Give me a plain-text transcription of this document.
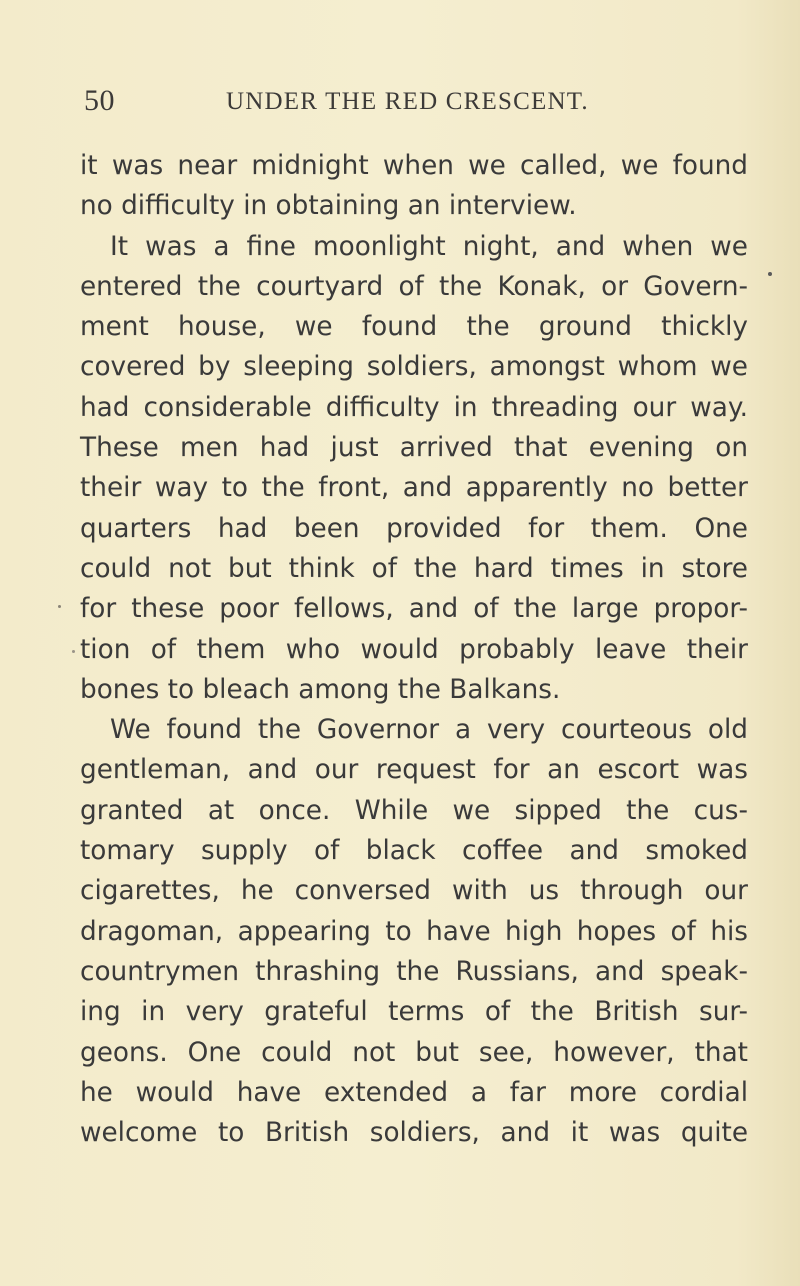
50	UNDER THE RED CRESCENT.
it was near midnight when we called, we found
no difficulty in obtaining an interview.
It was a fine moonlight night, and when we
entered the courtyard of the Konak, or Govern-
ment house, we found the ground thickly
covered by sleeping soldiers, amongst whom we
had considerable difficulty in threading our way.
These men had just arrived that evening on
their way to the front, and apparently no better
quarters had been provided for them. One
could not but think of the hard times in store
for these poor fellows, and of the large propor-
tion of them who would probably leave their
bones to bleach among the Balkans.
We found the Governor a very courteous old
gentleman, and our request for an escort was
granted at once. While we sipped the cus-
tomary supply of black coffee and smoked
cigarettes, he conversed with us through our
dragoman, appearing to have high hopes of his
countrymen thrashing the Russians, and speak-
ing in very grateful terms of the British sur-
geons. One could not but see, however, that
he would have extended a far more cordial
welcome to British soldiers, and it was quite
